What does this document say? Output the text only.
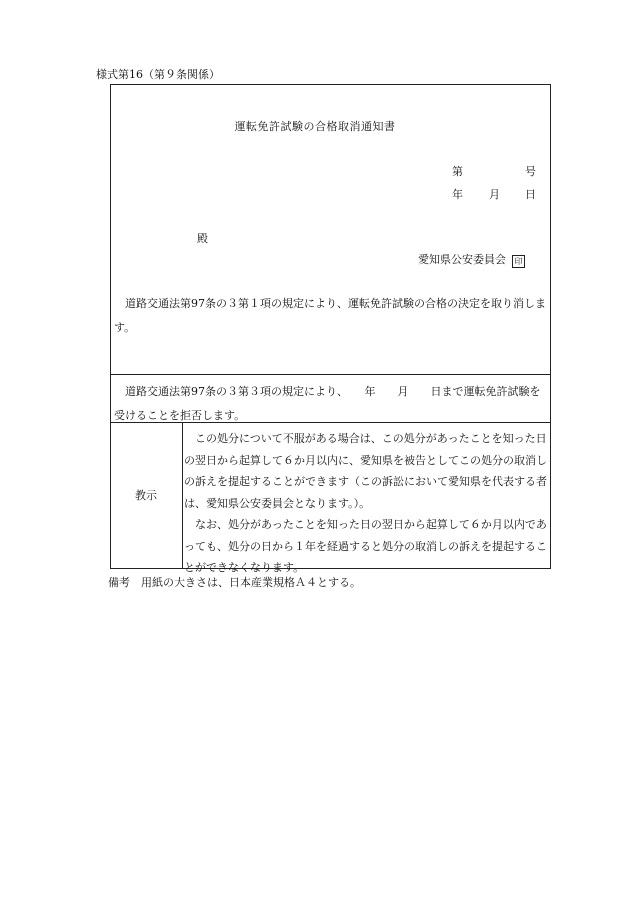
様式第16（第９条関係）
運転免許試験の合格取消通知書
第	号
年 月 日
殿
愛知県公安委員会 印
　道路交通法第97条の３第１項の規定により、運転免許試験の合格の決定を取り消します。
　道路交通法第97条の３第３項の規定により、　　年　　月　　日まで運転免許試験を受けることを拒否します。
教示

この処分について不服がある場合は、この処分があったことを知った日の翌日から起算して６か月以内に、愛知県を被告としてこの処分の取消しの訴えを提起することができます（この訴訟において愛知県を代表する者は、愛知県公安委員会となります。）。

なお、処分があったことを知った日の翌日から起算して６か月以内であっても、処分の日から１年を経過すると処分の取消しの訴えを提起することができなくなります。

備考　用紙の大きさは、日本産業規格Ａ４とする。
